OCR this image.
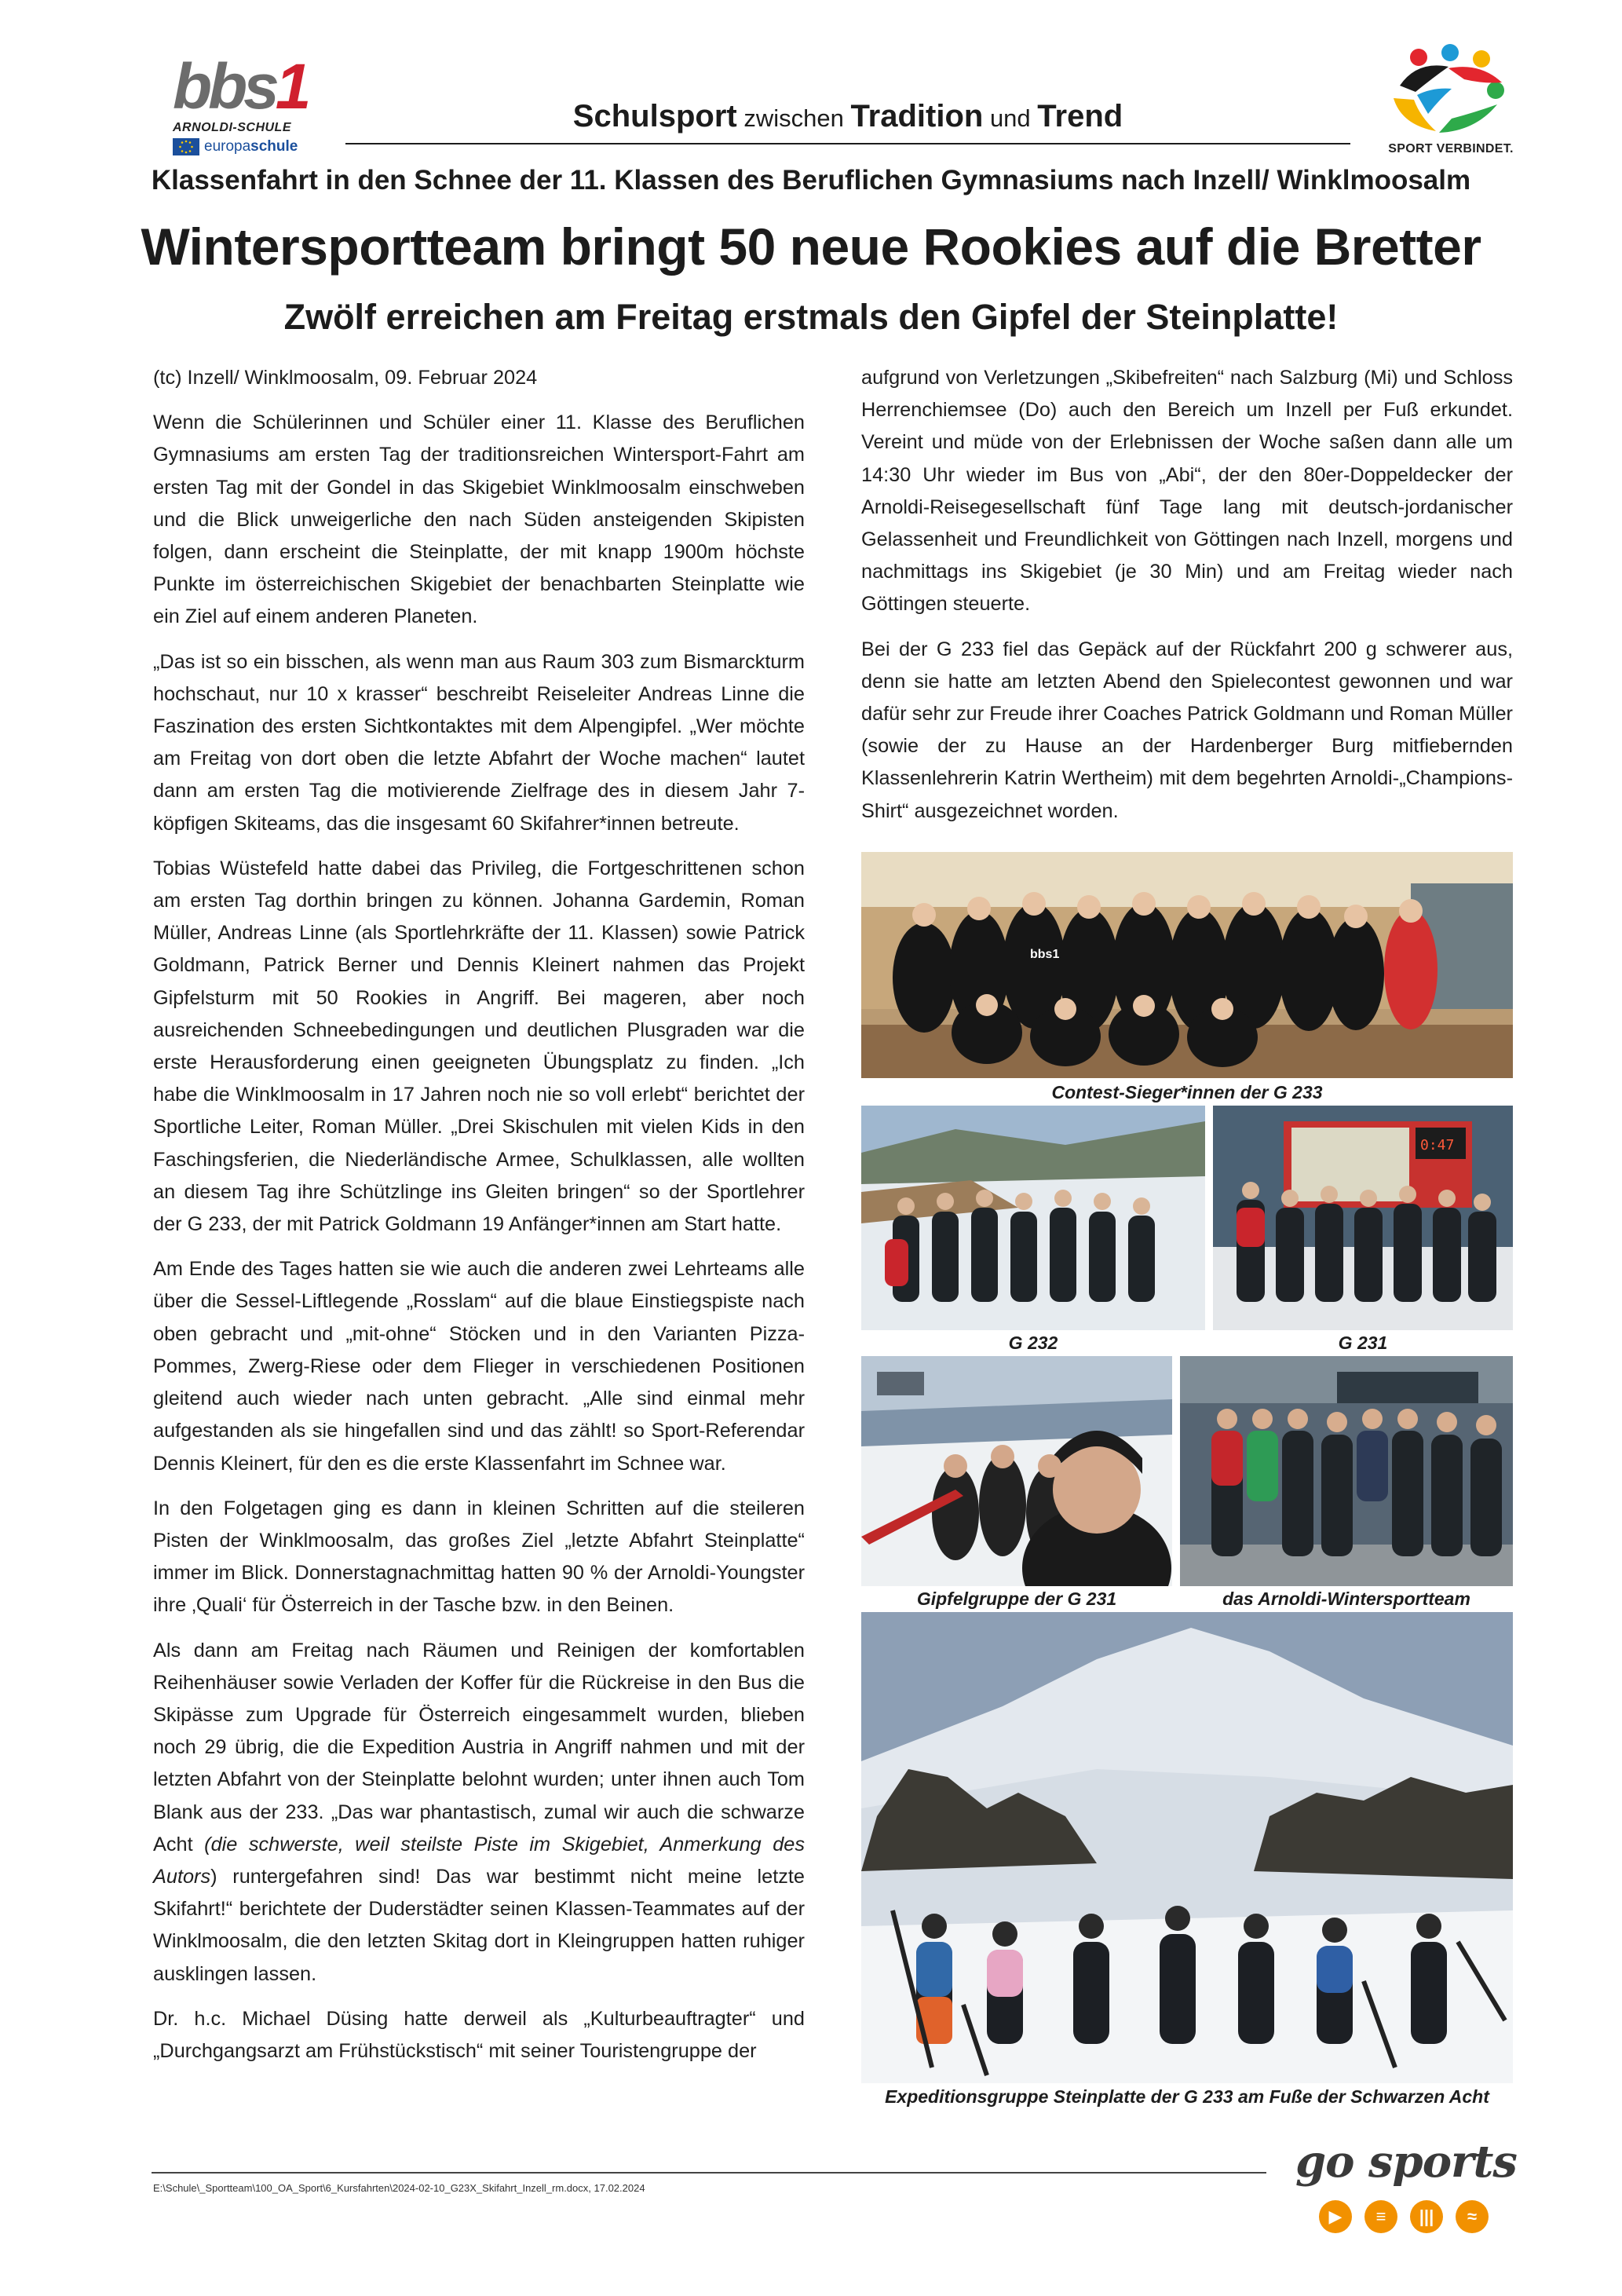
bbs1
ARNOLDI-SCHULE
europaschule
Schulsport zwischen Tradition und Trend
SPORT VERBINDET.
Klassenfahrt in den Schnee der 11. Klassen des Beruflichen Gymnasiums nach Inzell/ Winklmoosalm
Wintersportteam bringt 50 neue Rookies auf die Bretter
Zwölf erreichen am Freitag erstmals den Gipfel der Steinplatte!

(tc) Inzell/ Winklmoosalm, 09. Februar 2024

Wenn die Schülerinnen und Schüler einer 11. Klasse des Beruflichen Gymnasiums am ersten Tag der traditionsreichen Wintersport-Fahrt am ersten Tag mit der Gondel in das Skigebiet Winklmoosalm einschweben und die Blick unweigerliche den nach Süden ansteigenden Skipisten folgen, dann erscheint die Steinplatte, der mit knapp 1900m höchste Punkte im österreichischen Skigebiet der benachbarten Steinplatte wie ein Ziel auf einem anderen Planeten.

„Das ist so ein bisschen, als wenn man aus Raum 303 zum Bismarckturm hochschaut, nur 10 x krasser“ beschreibt Reiseleiter Andreas Linne die Faszination des ersten Sichtkontaktes mit dem Alpengipfel. „Wer möchte am Freitag von dort oben die letzte Abfahrt der Woche machen“ lautet dann am ersten Tag die motivierende Zielfrage des in diesem Jahr 7-köpfigen Skiteams, das die insgesamt 60 Skifahrer*innen betreute.

Tobias Wüstefeld hatte dabei das Privileg, die Fortgeschrittenen schon am ersten Tag dorthin bringen zu können. Johanna Gardemin, Roman Müller, Andreas Linne (als Sportlehrkräfte der 11. Klassen) sowie Patrick Goldmann, Patrick Berner und Dennis Kleinert nahmen das Projekt Gipfelsturm mit 50 Rookies in Angriff. Bei mageren, aber noch ausreichenden Schneebedingungen und deutlichen Plusgraden war die erste Herausforderung einen geeigneten Übungsplatz zu finden. „Ich habe die Winklmoosalm in 17 Jahren noch nie so voll erlebt“ berichtet der Sportliche Leiter, Roman Müller. „Drei Skischulen mit vielen Kids in den Faschingsferien, die Niederländische Armee, Schulklassen, alle wollten an diesem Tag ihre Schützlinge ins Gleiten bringen“ so der Sportlehrer der G 233, der mit Patrick Goldmann 19 Anfänger*innen am Start hatte.

Am Ende des Tages hatten sie wie auch die anderen zwei Lehrteams alle über die Sessel-Liftlegende „Rosslam“ auf die blaue Einstiegspiste nach oben gebracht und „mit-ohne“ Stöcken und in den Varianten Pizza-Pommes, Zwerg-Riese oder dem Flieger in verschiedenen Positionen gleitend auch wieder nach unten gebracht. „Alle sind einmal mehr aufgestanden als sie hingefallen sind und das zählt! so Sport-Referendar Dennis Kleinert, für den es die erste Klassenfahrt im Schnee war.

In den Folgetagen ging es dann in kleinen Schritten auf die steileren Pisten der Winklmoosalm, das großes Ziel „letzte Abfahrt Steinplatte“ immer im Blick. Donnerstagnachmittag hatten 90 % der Arnoldi-Youngster ihre ‚Quali‘ für Österreich in der Tasche bzw. in den Beinen.

Als dann am Freitag nach Räumen und Reinigen der komfortablen Reihenhäuser sowie Verladen der Koffer für die Rückreise in den Bus die Skipässe zum Upgrade für Österreich eingesammelt wurden, blieben noch 29 übrig, die die Expedition Austria in Angriff nahmen und mit der letzten Abfahrt von der Steinplatte belohnt wurden; unter ihnen auch Tom Blank aus der 233. „Das war phantastisch, zumal wir auch die schwarze Acht (die schwerste, weil steilste Piste im Skigebiet, Anmerkung des Autors) runtergefahren sind! Das war bestimmt nicht meine letzte Skifahrt!“ berichtete der Duderstädter seinen Klassen-Teammates auf der Winklmoosalm, die den letzten Skitag dort in Kleingruppen hatten ruhiger ausklingen lassen.

Dr. h.c. Michael Düsing hatte derweil als „Kulturbeauftragter“ und „Durchgangsarzt am Frühstückstisch“ mit seiner Touristengruppe der

aufgrund von Verletzungen „Skibefreiten“ nach Salzburg (Mi) und Schloss Herrenchiemsee (Do) auch den Bereich um Inzell per Fuß erkundet. Vereint und müde von der Erlebnissen der Woche saßen dann alle um 14:30 Uhr wieder im Bus von „Abi“, der den 80er-Doppeldecker der Arnoldi-Reisegesellschaft fünf Tage lang mit deutsch-jordanischer Gelassenheit und Freundlichkeit von Göttingen nach Inzell, morgens und nachmittags ins Skigebiet (je 30 Min) und am Freitag wieder nach Göttingen steuerte.

Bei der G 233 fiel das Gepäck auf der Rückfahrt 200 g schwerer aus, denn sie hatte am letzten Abend den Spielecontest gewonnen und war dafür sehr zur Freude ihrer Coaches Patrick Goldmann und Roman Müller (sowie der zu Hause an der Hardenberger Burg mitfiebernden Klassenlehrerin Katrin Wertheim) mit dem begehrten Arnoldi-„Champions-Shirt“ ausgezeichnet worden.

bbs1
Contest-Sieger*innen der G 233
G 232
0:47
G 231
Gipfelgruppe der G 231	das Arnoldi-Wintersportteam
Expeditionsgruppe Steinplatte der G 233 am Fuße der Schwarzen Acht
E:\Schule\_Sportteam\100_OA_Sport\6_Kursfahrten\2024-02-10_G23X_Skifahrt_Inzell_rm.docx, 17.02.2024
go sports
▶	≡	|||	≈
